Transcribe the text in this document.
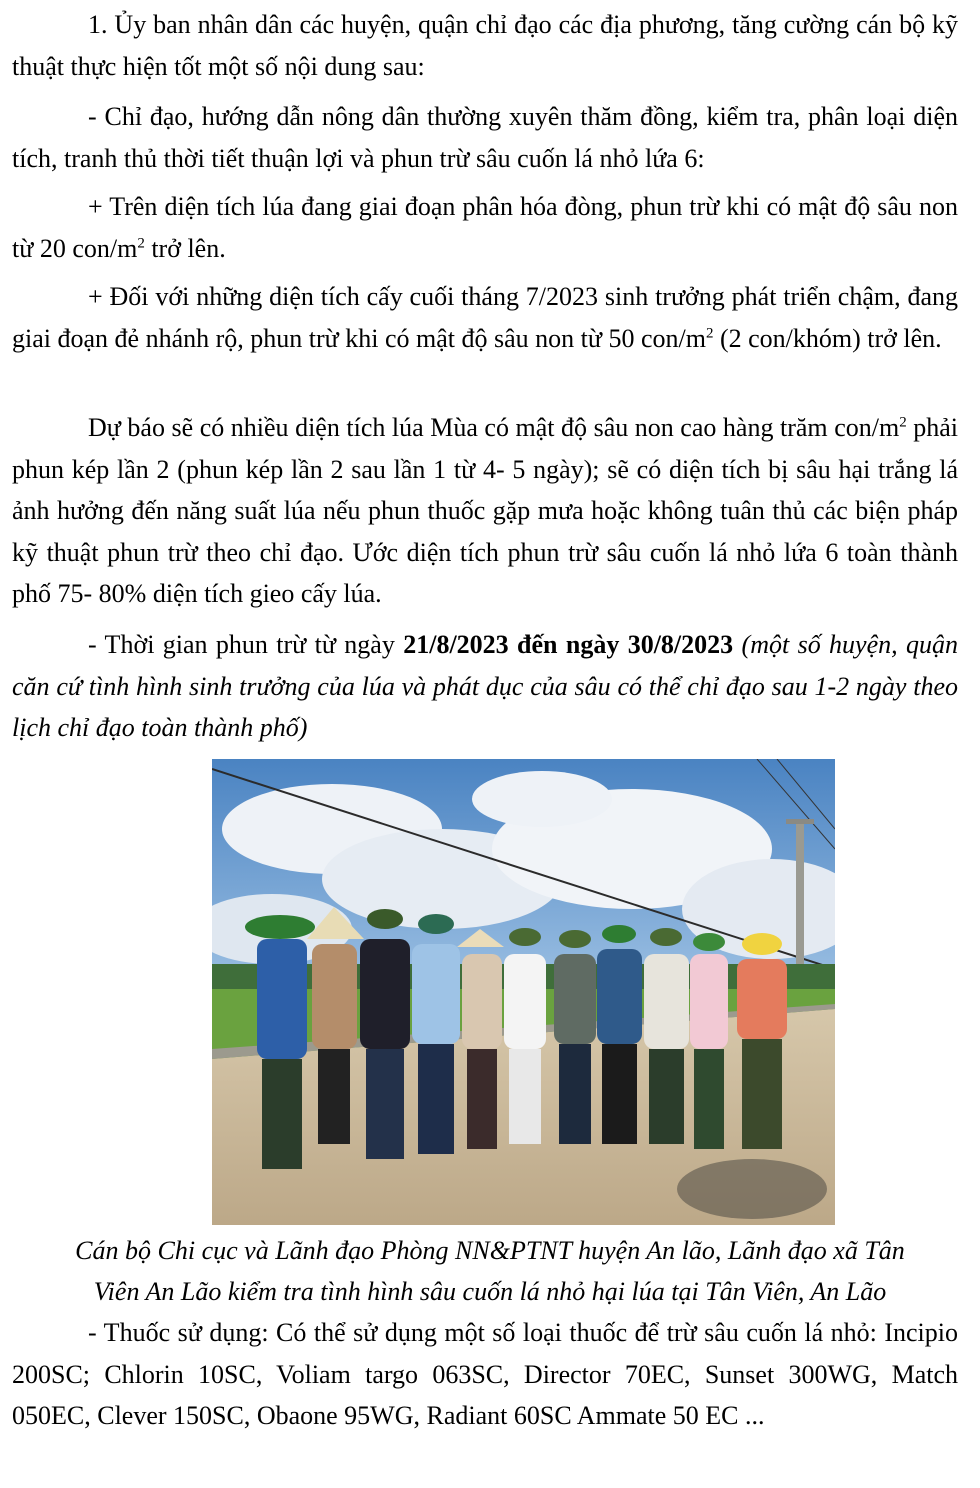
1. Ủy ban nhân dân các huyện, quận chỉ đạo các địa phương, tăng cường cán bộ kỹ thuật thực hiện tốt một số nội dung sau:

- Chỉ đạo, hướng dẫn nông dân thường xuyên thăm đồng, kiểm tra, phân loại diện tích, tranh thủ thời tiết thuận lợi và phun trừ sâu cuốn lá nhỏ lứa 6:

+ Trên diện tích lúa đang giai đoạn phân hóa đòng, phun trừ khi có mật độ sâu non từ 20 con/$m^2$ trở lên.

+ Đối với những diện tích cấy cuối tháng 7/2023 sinh trưởng phát triển chậm, đang giai đoạn đẻ nhánh rộ, phun trừ khi có mật độ sâu non từ 50 con/$m^2$ (2 con/khóm) trở lên.

Dự báo sẽ có nhiều diện tích lúa Mùa có mật độ sâu non cao hàng trăm con/$m^2$ phải phun kép lần 2 (phun kép lần 2 sau lần 1 từ 4- 5 ngày); sẽ có diện tích bị sâu hại trắng lá ảnh hưởng đến năng suất lúa nếu phun thuốc gặp mưa hoặc không tuân thủ các biện pháp kỹ thuật phun trừ theo chỉ đạo. Ước diện tích phun trừ sâu cuốn lá nhỏ lứa 6 toàn thành phố 75- 80% diện tích gieo cấy lúa.

- Thời gian phun trừ từ ngày 21/8/2023 đến ngày 30/8/2023 (một số huyện, quận căn cứ tình hình sinh trưởng của lúa và phát dục của sâu có thể chỉ đạo sau 1-2 ngày theo lịch chỉ đạo toàn thành phố)

Cán bộ Chi cục và Lãnh đạo Phòng NN&PTNT huyện An lão, Lãnh đạo xã Tân
Viên An Lão kiểm tra tình hình sâu cuốn lá nhỏ hại lúa tại Tân Viên, An Lão

- Thuốc sử dụng: Có thể sử dụng một số loại thuốc để trừ sâu cuốn lá nhỏ: Incipio 200SC; Chlorin 10SC, Voliam targo 063SC, Director 70EC, Sunset 300WG, Match 050EC, Clever 150SC, Obaone 95WG, Radiant 60SC Ammate 50 EC ...
